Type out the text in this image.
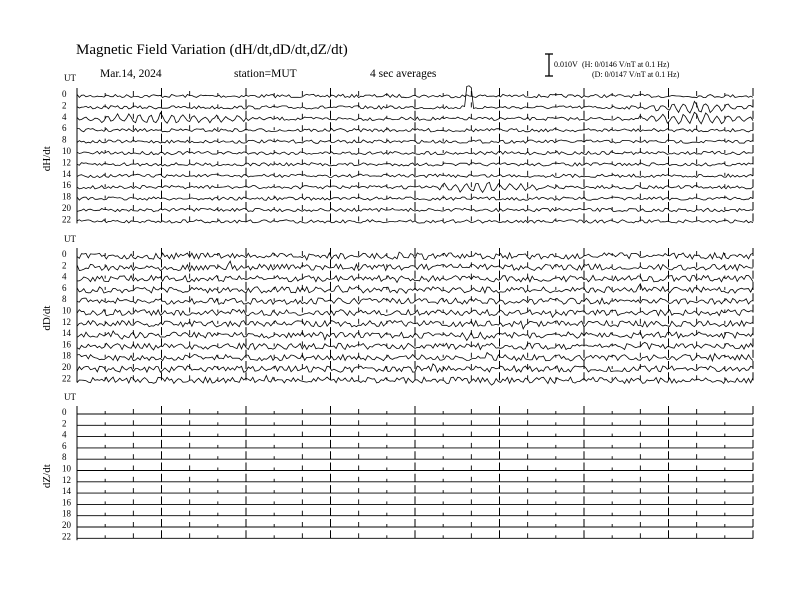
Magnetic Field Variation (dH/dt,dD/dt,dZ/dt)
Mar.14, 2024	station=MUT	4 sec averages
0.010V (H: 0/0146 V/nT at 0.1 Hz)
(D: 0/0147 V/nT at 0.1 Hz)
UT
dH/dt
0
2
4
6
8
10
12
14
16
18
20
22
UT
dD/dt
0
2
4
6
8
10
12
14
16
18
20
22
UT
dZ/dt
0
2
4
6
8
10
12
14
16
18
20
22
